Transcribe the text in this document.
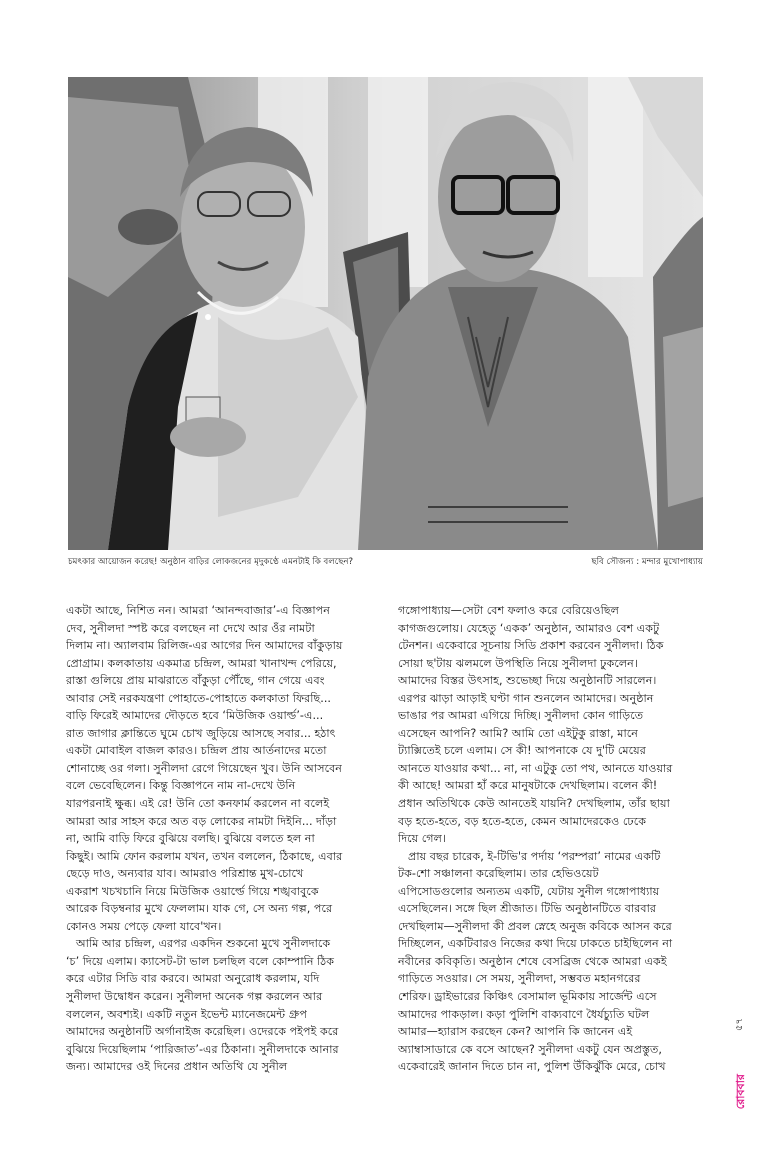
চমৎকার আয়োজন করেছ! অনুষ্ঠান বাড়ির লোকজনের মৃদুকণ্ঠে এমনটাই কি বলছেন?	ছবি সৌজন্য : মন্দার মুখোপাধ্যায়
একটা আছে, নিশিত নন। আমরা ‘আনন্দবাজার’-এ বিজ্ঞাপন
দেব, সুনীলদা স্পষ্ট করে বলছেন না দেখে আর ওঁর নামটা
দিলাম না। অ্যালবাম রিলিজ-এর আগের দিন আমাদের বাঁকুড়ায়
প্রোগ্রাম। কলকাতায় একমাত্র চন্দ্রিল, আমরা খানাখন্দ পেরিয়ে,
রাস্তা গুলিয়ে প্রায় মাঝরাতে বাঁকুড়া পৌঁছে, গান গেয়ে এবং
আবার সেই নরকযন্ত্রণা পোহাতে-পোহাতে কলকাতা ফিরছি...
বাড়ি ফিরেই আমাদের দৌড়তে হবে ‘মিউজিক ওয়ার্ল্ড’-এ...
রাত জাগার ক্লান্তিতে ঘুমে চোখ জুড়িয়ে আসছে সবার... হঠাৎ
একটা মোবাইল বাজল কারও। চন্দ্রিল প্রায় আর্তনাদের মতো
শোনাচ্ছে ওর গলা। সুনীলদা রেগে গিয়েছেন খুব। উনি আসবেন
বলে ভেবেছিলেন। কিন্তু বিজ্ঞাপনে নাম না-দেখে উনি
যারপরনাই ক্ষুব্ধ। এই রে! উনি তো কনফার্ম করলেন না বলেই
আমরা আর সাহস করে অত বড় লোকের নামটা দিইনি... দাঁড়া
না, আমি বাড়ি ফিরে বুঝিয়ে বলছি। বুঝিয়ে বলতে হল না
কিছুই। আমি ফোন করলাম যখন, তখন বললেন, ঠিকাছে, এবার
ছেড়ে দাও, অন্যবার যাব। আমরাও পরিশ্রান্ত মুখ-চোখে
একরাশ খচখচানি নিয়ে মিউজিক ওয়ার্ল্ডে গিয়ে শঙ্খবাবুকে
আরেক বিড়ম্বনার মুখে ফেললাম। যাক গে, সে অন্য গল্প, পরে
কোনও সময় পেড়ে ফেলা যাবে'খন।
আমি আর চন্দ্রিল, এরপর একদিন শুকনো মুখে সুনীলদাকে
‘চ’ দিয়ে এলাম। ক্যাসেট-টা ভাল চলছিল বলে কোম্পানি ঠিক
করে এটার সিডি বার করবে। আমরা অনুরোধ করলাম, যদি
সুনীলদা উদ্বোধন করেন। সুনীলদা অনেক গল্প করলেন আর
বললেন, অবশ্যই। একটি নতুন ইভেন্ট ম্যানেজমেন্ট গ্রুপ
আমাদের অনুষ্ঠানটি অর্গানাইজ করেছিল। ওদেরকে পইপই করে
বুঝিয়ে দিয়েছিলাম ‘পারিজাত’-এর ঠিকানা। সুনীলদাকে আনার
জন্য। আমাদের ওই দিনের প্রধান অতিথি যে সুনীল
গঙ্গোপাধ্যায়—সেটা বেশ ফলাও করে বেরিয়েওছিল
কাগজগুলোয়। যেহেতু ‘একক’ অনুষ্ঠান, আমারও বেশ একটু
টেনশন। একেবারে সূচনায় সিডি প্রকাশ করবেন সুনীলদা। ঠিক
সোয়া ছ'টায় ঝলমলে উপস্থিতি নিয়ে সুনীলদা ঢুকলেন।
আমাদের বিস্তর উৎসাহ, শুভেচ্ছা দিয়ে অনুষ্ঠানটি সারলেন।
এরপর ঝাড়া আড়াই ঘণ্টা গান শুনলেন আমাদের। অনুষ্ঠান
ভাঙার পর আমরা এগিয়ে দিচ্ছি। সুনীলদা কোন গাড়িতে
এসেছেন আপনি? আমি? আমি তো এইটুকু রাস্তা, মানে
ট্যাক্সিতেই চলে এলাম। সে কী! আপনাকে যে দু'টি মেয়ের
আনতে যাওয়ার কথা... না, না এটুকু তো পথ, আনতে যাওয়ার
কী আছে! আমরা হাঁ করে মানুষটাকে দেখছিলাম। বলেন কী!
প্রধান অতিথিকে কেউ আনতেই যায়নি? দেখছিলাম, তাঁর ছায়া
বড় হতে-হতে, বড় হতে-হতে, কেমন আমাদেরকেও ঢেকে
দিয়ে গেল।
প্রায় বছর চারেক, ই-টিভি'র পর্দায় ‘পরম্পরা’ নামের একটি
টক-শো সঞ্চালনা করেছিলাম। তার হেভিওয়েট
এপিসোডগুলোর অন্যতম একটি, যেটায় সুনীল গঙ্গোপাধ্যায়
এসেছিলেন। সঙ্গে ছিল শ্রীজাত। টিভি অনুষ্ঠানটিতে বারবার
দেখছিলাম—সুনীলদা কী প্রবল স্নেহে অনুজ কবিকে আসন করে
দিচ্ছিলেন, একটিবারও নিজের কথা দিয়ে ঢাকতে চাইছিলেন না
নবীনের কবিকৃতি। অনুষ্ঠান শেষে বেসব্রিজ থেকে আমরা একই
গাড়িতে সওয়ার। সে সময়, সুনীলদা, সম্ভবত মহানগরের
শেরিফ। ড্রাইভারের কিঞ্চিৎ বেসামাল ভূমিকায় সার্জেন্ট এসে
আমাদের পাকড়াল। কড়া পুলিশি বাক্যবাণে ধৈর্যচ্যুতি ঘটল
আমার—হ্যারাস করছেন কেন? আপনি কি জানেন এই
অ্যাম্বাসাডারে কে বসে আছেন? সুনীলদা একটু যেন অপ্রস্তুত,
একেবারেই জানান দিতে চান না, পুলিশ উঁকিঝুঁকি মেরে, চোখ
৫৭
রোববার
